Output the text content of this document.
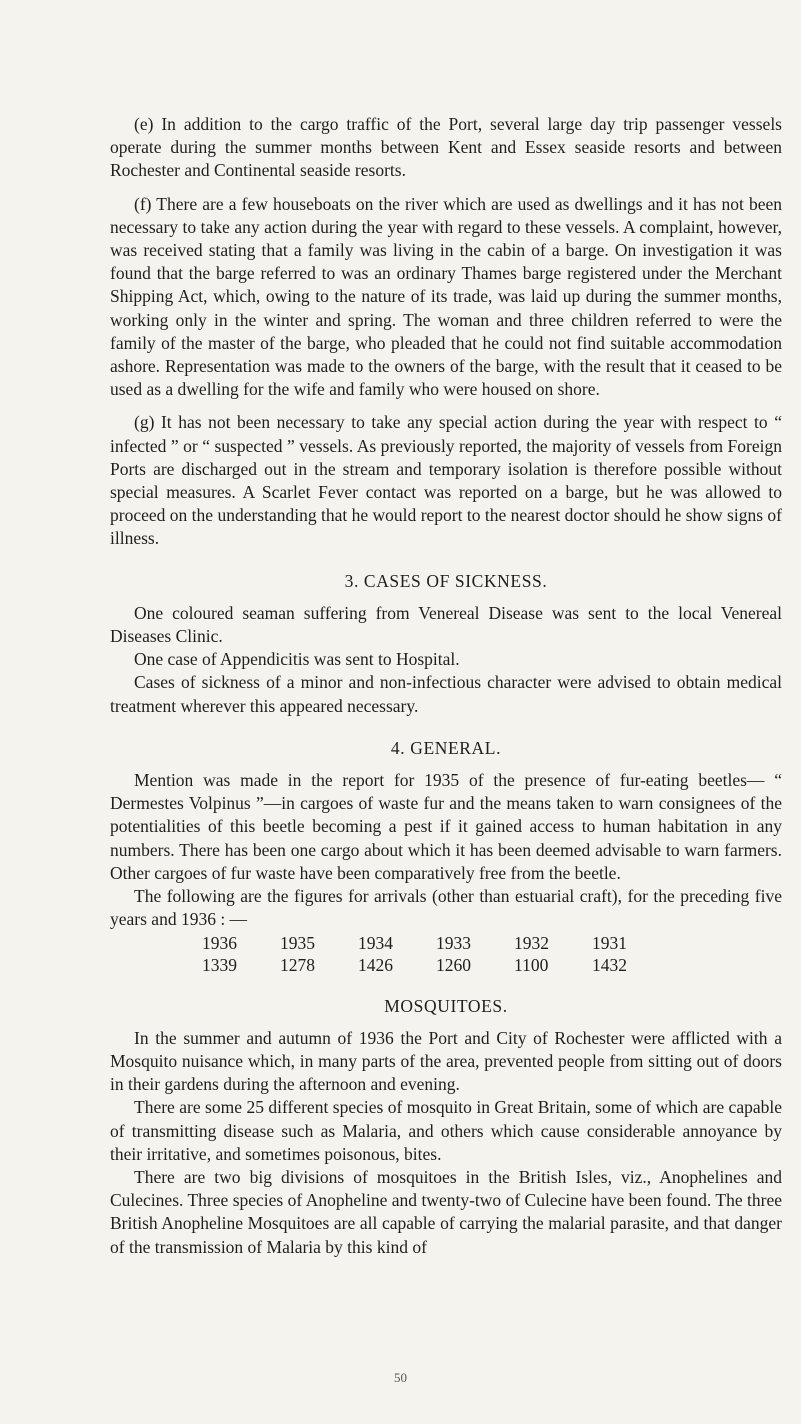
(e) In addition to the cargo traffic of the Port, several large day trip passenger vessels operate during the summer months between Kent and Essex seaside resorts and between Rochester and Continental seaside resorts.

(f) There are a few houseboats on the river which are used as dwellings and it has not been necessary to take any action during the year with regard to these vessels. A complaint, however, was received stating that a family was living in the cabin of a barge. On investigation it was found that the barge referred to was an ordinary Thames barge registered under the Merchant Shipping Act, which, owing to the nature of its trade, was laid up during the summer months, working only in the winter and spring. The woman and three children referred to were the family of the master of the barge, who pleaded that he could not find suitable accommodation ashore. Representation was made to the owners of the barge, with the result that it ceased to be used as a dwelling for the wife and family who were housed on shore.

(g) It has not been necessary to take any special action during the year with respect to “ infected ” or “ suspected ” vessels. As previously reported, the majority of vessels from Foreign Ports are discharged out in the stream and temporary isolation is therefore possible without special measures. A Scarlet Fever contact was reported on a barge, but he was allowed to proceed on the understanding that he would report to the nearest doctor should he show signs of illness.

3. CASES OF SICKNESS.

One coloured seaman suffering from Venereal Disease was sent to the local Venereal Diseases Clinic.

One case of Appendicitis was sent to Hospital.

Cases of sickness of a minor and non-infectious character were advised to obtain medical treatment wherever this appeared necessary.

4. GENERAL.

Mention was made in the report for 1935 of the presence of fur-eating beetles— “ Dermestes Volpinus ”—in cargoes of waste fur and the means taken to warn consignees of the potentialities of this beetle becoming a pest if it gained access to human habitation in any numbers. There has been one cargo about which it has been deemed advisable to warn farmers. Other cargoes of fur waste have been comparatively free from the beetle.

The following are the figures for arrivals (other than estuarial craft), for the preceding five years and 1936 : —

1936	1935	1934	1933	1932	1931
1339	1278	1426	1260	1100	1432
MOSQUITOES.

In the summer and autumn of 1936 the Port and City of Rochester were afflicted with a Mosquito nuisance which, in many parts of the area, prevented people from sitting out of doors in their gardens during the afternoon and evening.

There are some 25 different species of mosquito in Great Britain, some of which are capable of transmitting disease such as Malaria, and others which cause considerable annoyance by their irritative, and sometimes poisonous, bites.

There are two big divisions of mosquitoes in the British Isles, viz., Anophelines and Culecines. Three species of Anopheline and twenty-two of Culecine have been found. The three British Anopheline Mosquitoes are all capable of carrying the malarial parasite, and that danger of the transmission of Malaria by this kind of

50
